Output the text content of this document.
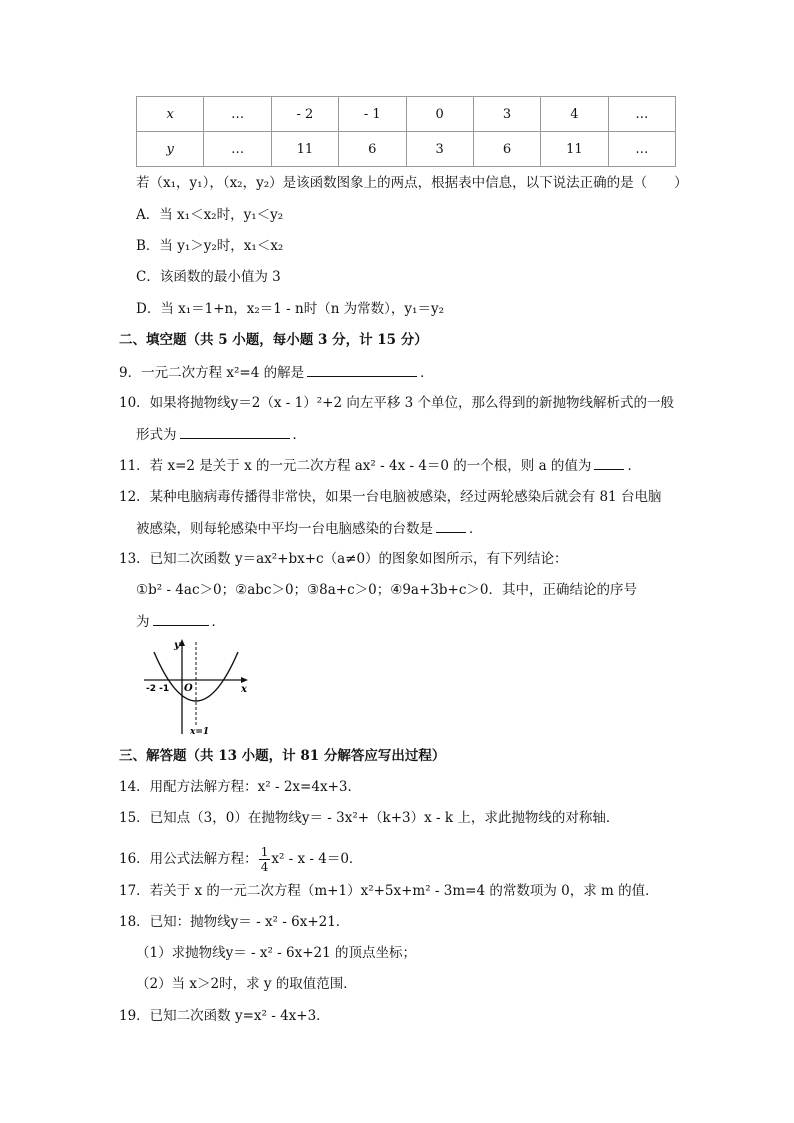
x	…	- 2	- 1	0	3	4	…
y	…	11	6	3	6	11	…
若（x₁，y₁），（x₂，y₂）是该函数图象上的两点，根据表中信息，以下说法正确的是（　　）
A．当 x₁＜x₂时，y₁＜y₂
B．当 y₁＞y₂时，x₁＜x₂
C．该函数的最小值为 3
D．当 x₁＝1+n，x₂＝1 - n时（n 为常数），y₁＝y₂
二、填空题（共 5 小题，每小题 3 分，计 15 分）
9．一元二次方程 x²=4 的解是	．
10．如果将抛物线y＝2（x - 1）²+2 向左平移 3 个单位，那么得到的新抛物线解析式的一般
形式为	．
11．若 x=2 是关于 x 的一元二次方程 ax² - 4x - 4＝0 的一个根，则 a 的值为	．
12．某种电脑病毒传播得非常快，如果一台电脑被感染，经过两轮感染后就会有 81 台电脑
被感染，则每轮感染中平均一台电脑感染的台数是	．
13．已知二次函数 y＝ax²+bx+c（a≠0）的图象如图所示，有下列结论：
①b² - 4ac＞0；②abc＞0；③8a+c＞0；④9a+3b+c＞0．其中，正确结论的序号
为	．
y
x
O
-2 -1
x=1
三、解答题（共 13 小题，计 81 分解答应写出过程）
14．用配方法解方程：x² - 2x=4x+3．
15．已知点（3，0）在抛物线y＝ - 3x²+（k+3）x - k 上，求此抛物线的对称轴．
16．用公式法解方程： $\frac{1}{4} x^2 - x - 4=0$．
17．若关于 x 的一元二次方程（m+1）x²+5x+m² - 3m=4 的常数项为 0，求 m 的值．
18．已知：抛物线y＝ - x² - 6x+21．
（1）求抛物线y＝ - x² - 6x+21 的顶点坐标；
（2）当 x＞2时，求 y 的取值范围．
19．已知二次函数 y=x² - 4x+3．
